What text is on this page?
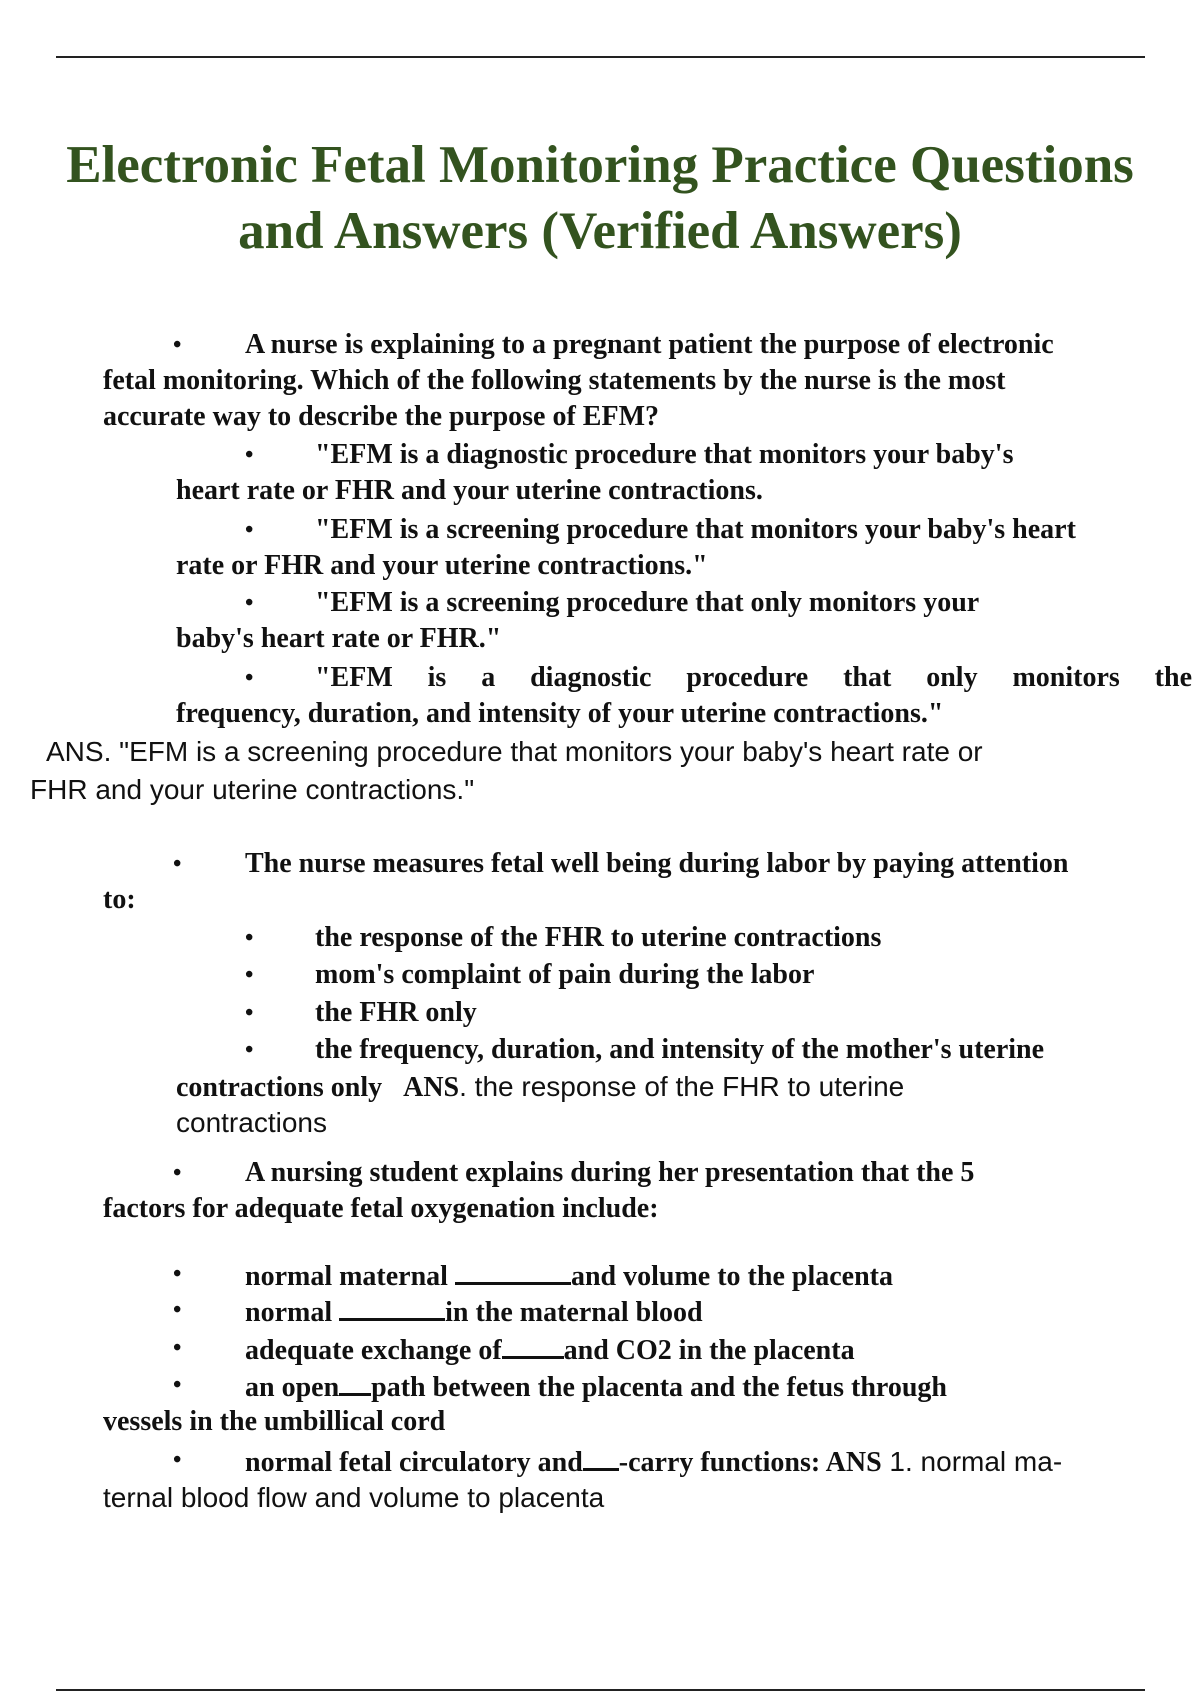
Electronic Fetal Monitoring Practice Questions
and Answers (Verified Answers)
• A nurse is explaining to a pregnant patient the purpose of electronic
fetal monitoring. Which of the following statements by the nurse is the most
accurate way to describe the purpose of EFM?
• "EFM is a diagnostic procedure that monitors your baby's
heart rate or FHR and your uterine contractions.
• "EFM is a screening procedure that monitors your baby's heart
rate or FHR and your uterine contractions."
• "EFM is a screening procedure that only monitors your
baby's heart rate or FHR."
• "EFM is a diagnostic procedure that only monitors the
frequency, duration, and intensity of your uterine contractions."
ANS. "EFM is a screening procedure that monitors your baby's heart rate or
FHR and your uterine contractions."
• The nurse measures fetal well being during labor by paying attention
to:
• the response of the FHR to uterine contractions
• mom's complaint of pain during the labor
• the FHR only
• the frequency, duration, and intensity of the mother's uterine
contractions only ANS. the response of the FHR to uterine
contractions
• A nursing student explains during her presentation that the 5
factors for adequate fetal oxygenation include:
• normal maternal	and volume to the placenta
• normal	in the maternal blood
• adequate exchange of and CO2 in the placenta
• an open path between the placenta and the fetus through
vessels in the umbillical cord
• normal fetal circulatory and -carry functions: ANS 1. normal ma-
ternal blood flow and volume to placenta
